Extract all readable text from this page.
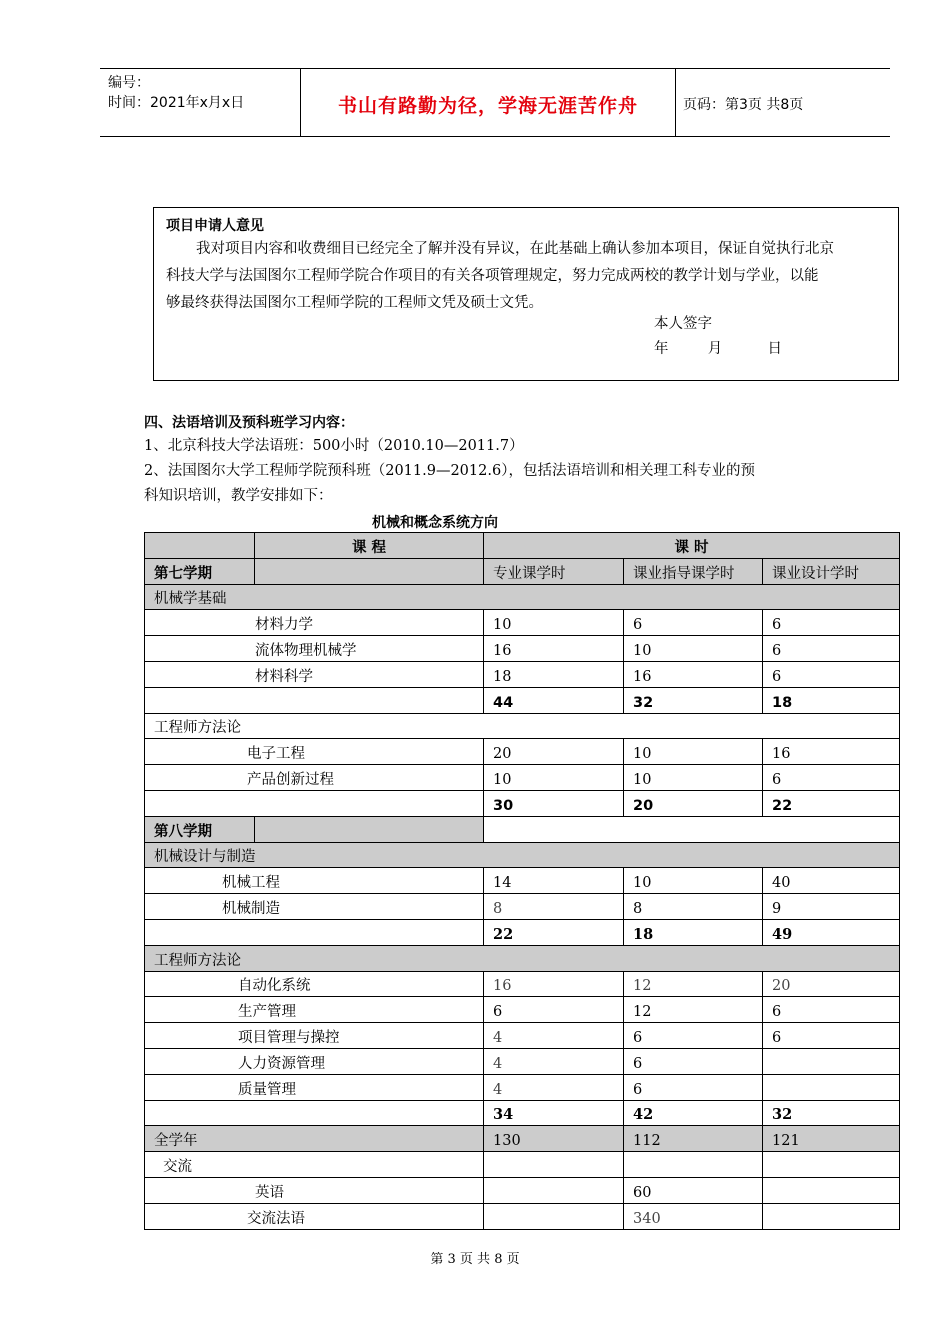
编号：
时间：2021年x月x日	书山有路勤为径，学海无涯苦作舟	页码：第3页 共8页
项目申请人意见
我对项目内容和收费细目已经完全了解并没有异议，在此基础上确认参加本项目，保证自觉执行北京
科技大学与法国图尔工程师学院合作项目的有关各项管理规定，努力完成两校的教学计划与学业，以能
够最终获得法国图尔工程师学院的工程师文凭及硕士文凭。
本人签字
年	月	日
四、法语培训及预科班学习内容：
1、北京科技大学法语班：500小时（2010.10—2011.7）
2、法国图尔大学工程师学院预科班（2011.9—2012.6），包括法语培训和相关理工科专业的预
科知识培训，教学安排如下：
机械和概念系统方向
	课 程	课 时		
第七学期		专业课学时	课业指导课学时	课业设计学时
机械学基础				
材料力学		10	6	6
流体物理机械学		16	10	6
材料科学		18	16	6
		44	32	18
工程师方法论				
电子工程		20	10	16
产品创新过程		10	10	6
		30	20	22
第八学期				
机械设计与制造				
机械工程		14	10	40
机械制造		8	8	9
		22	18	49
工程师方法论				
自动化系统		16	12	20
生产管理		6	12	6
项目管理与操控		4	6	6
人力资源管理		4	6	
质量管理		4	6	
		34	42	32
全学年		130	112	121
交流				
英语			60	
交流法语			340	
第 3 页 共 8 页
